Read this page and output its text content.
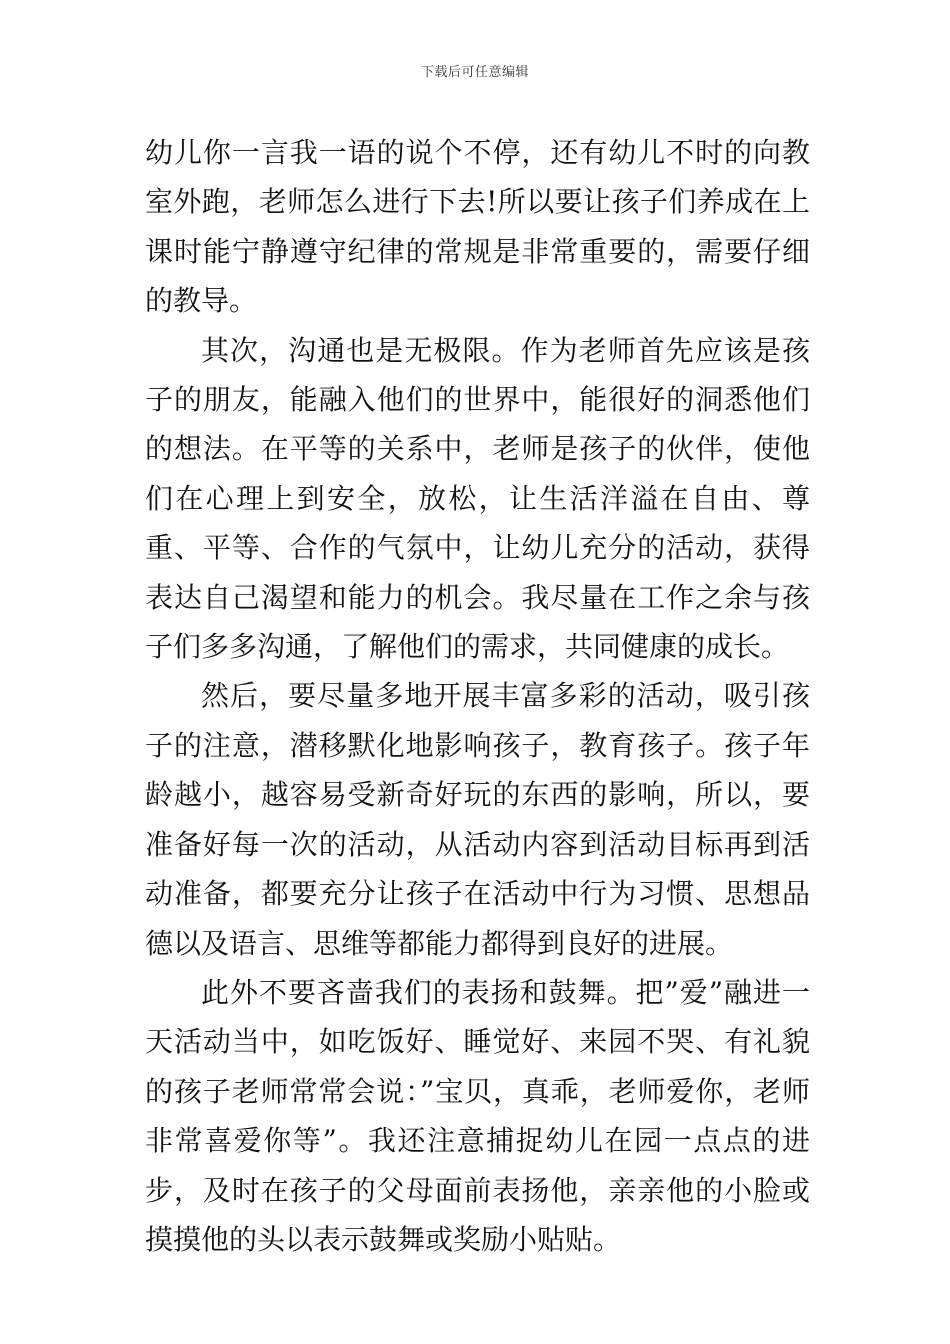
下载后可任意编辑

幼儿你一言我一语的说个不停，还有幼儿不时的向教室外跑，老师怎么进行下去!所以要让孩子们养成在上课时能宁静遵守纪律的常规是非常重要的，需要仔细的教导。

其次，沟通也是无极限。作为老师首先应该是孩子的朋友，能融入他们的世界中，能很好的洞悉他们的想法。在平等的关系中，老师是孩子的伙伴，使他们在心理上到安全，放松，让生活洋溢在自由、尊重、平等、合作的气氛中，让幼儿充分的活动，获得表达自己渴望和能力的机会。我尽量在工作之余与孩子们多多沟通，了解他们的需求，共同健康的成长。

然后，要尽量多地开展丰富多彩的活动，吸引孩子的注意，潜移默化地影响孩子，教育孩子。孩子年龄越小，越容易受新奇好玩的东西的影响，所以，要准备好每一次的活动，从活动内容到活动目标再到活动准备，都要充分让孩子在活动中行为习惯、思想品德以及语言、思维等都能力都得到良好的进展。

此外不要吝啬我们的表扬和鼓舞。把”爱”融进一天活动当中，如吃饭好、睡觉好、来园不哭、有礼貌的孩子老师常常会说：”宝贝，真乖，老师爱你，老师非常喜爱你等”。我还注意捕捉幼儿在园一点点的进步，及时在孩子的父母面前表扬他，亲亲他的小脸或摸摸他的头以表示鼓舞或奖励小贴贴。
